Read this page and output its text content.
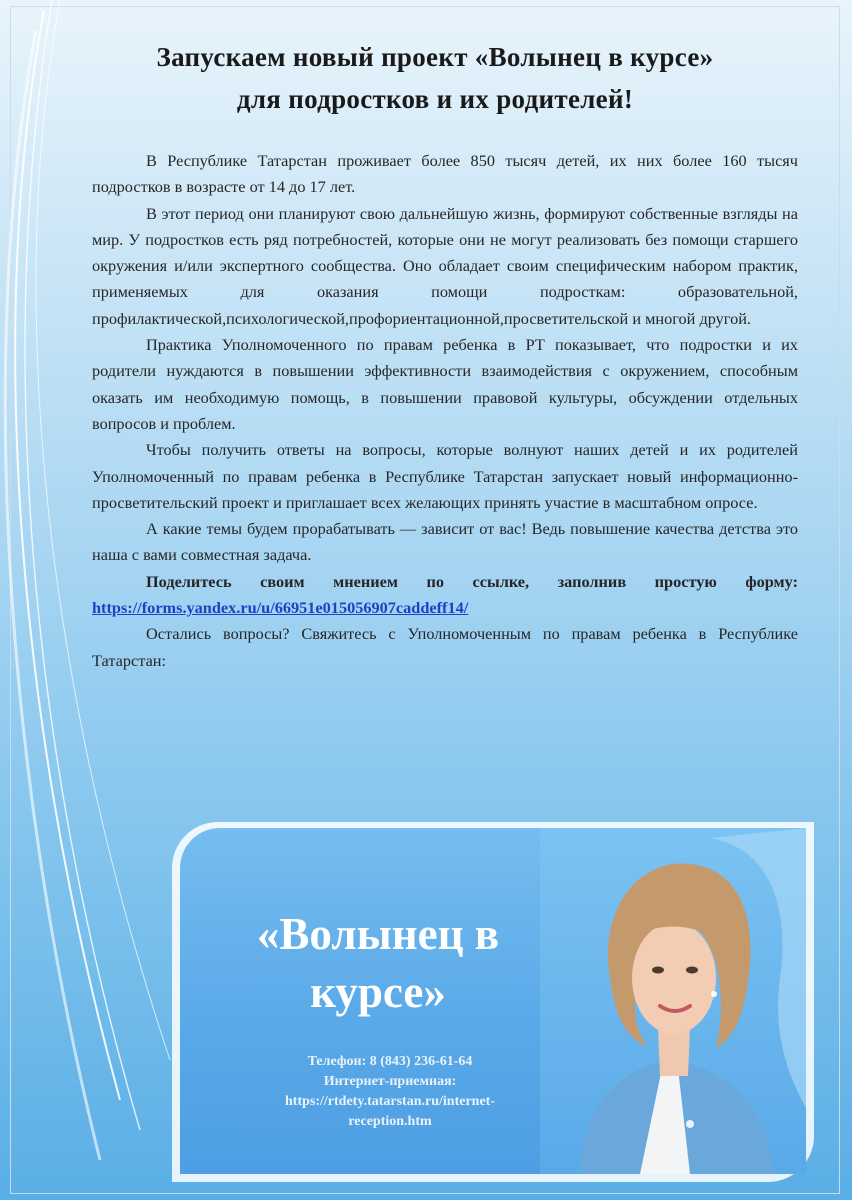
Запускаем новый проект «Волынец в курсе»
для подростков и их родителей!

В Республике Татарстан проживает более 850 тысяч детей, их них более 160 тысяч подростков в возрасте от 14 до 17 лет.

В этот период они планируют свою дальнейшую жизнь, формируют собственные взгляды на мир. У подростков есть ряд потребностей, которые они не могут реализовать без помощи старшего окружения и/или экспертного сообщества. Оно обладает своим специфическим набором практик, применяемых для оказания помощи подросткам: образовательной, профилактической,психологической,профориентационной,просветительской и многой другой.

Практика Уполномоченного по правам ребенка в РТ показывает, что подростки и их родители нуждаются в повышении эффективности взаимодействия с окружением, способным оказать им необходимую помощь, в повышении правовой культуры, обсуждении отдельных вопросов и проблем.

Чтобы получить ответы на вопросы, которые волнуют наших детей и их родителей Уполномоченный по правам ребенка в Республике Татарстан запускает новый информационно-просветительский проект и приглашает всех желающих принять участие в масштабном опросе.

А какие темы будем прорабатывать — зависит от вас! Ведь повышение качества детства это наша с вами совместная задача.

Поделитесь своим мнением по ссылке, заполнив простую форму: https://forms.yandex.ru/u/66951e015056907caddeff14/

Остались вопросы? Свяжитесь с Уполномоченным по правам ребенка в Республике Татарстан:

«Волынец в
курсе»
Телефон: 8 (843) 236-61-64
Интернет-приемная:
https://rtdety.tatarstan.ru/internet-
reception.htm
